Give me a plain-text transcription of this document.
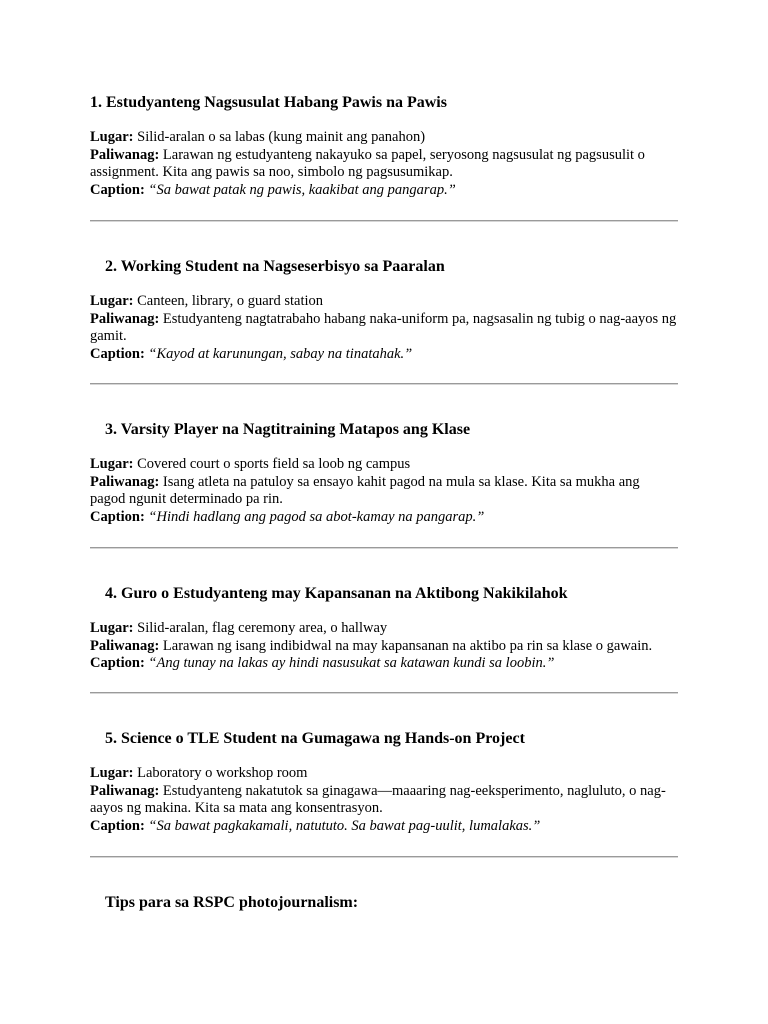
1. Estudyanteng Nagsusulat Habang Pawis na Pawis

Lugar: Silid-aralan o sa labas (kung mainit ang panahon)

Paliwanag: Larawan ng estudyanteng nakayuko sa papel, seryosong nagsusulat ng pagsusulit o assignment. Kita ang pawis sa noo, simbolo ng pagsusumikap.

Caption: “Sa bawat patak ng pawis, kaakibat ang pangarap.”

2. Working Student na Nagseserbisyo sa Paaralan

Lugar: Canteen, library, o guard station

Paliwanag: Estudyanteng nagtatrabaho habang naka-uniform pa, nagsasalin ng tubig o nag-aayos ng gamit.

Caption: “Kayod at karunungan, sabay na tinatahak.”

3. Varsity Player na Nagtitraining Matapos ang Klase

Lugar: Covered court o sports field sa loob ng campus

Paliwanag: Isang atleta na patuloy sa ensayo kahit pagod na mula sa klase. Kita sa mukha ang pagod ngunit determinado pa rin.

Caption: “Hindi hadlang ang pagod sa abot-kamay na pangarap.”

4. Guro o Estudyanteng may Kapansanan na Aktibong Nakikilahok

Lugar: Silid-aralan, flag ceremony area, o hallway

Paliwanag: Larawan ng isang indibidwal na may kapansanan na aktibo pa rin sa klase o gawain.

Caption: “Ang tunay na lakas ay hindi nasusukat sa katawan kundi sa loobin.”

5. Science o TLE Student na Gumagawa ng Hands-on Project

Lugar: Laboratory o workshop room

Paliwanag: Estudyanteng nakatutok sa ginagawa—maaaring nag-eeksperimento, nagluluto, o nag-aayos ng makina. Kita sa mata ang konsentrasyon.

Caption: “Sa bawat pagkakamali, natututo. Sa bawat pag-uulit, lumalakas.”

Tips para sa RSPC photojournalism:
